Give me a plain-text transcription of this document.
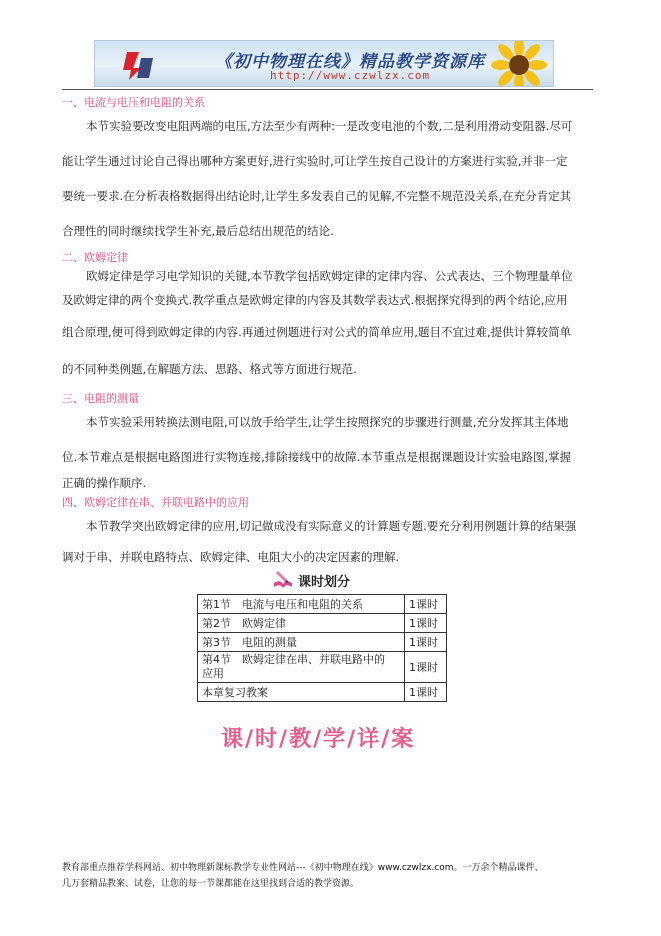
《初中物理在线》精品教学资源库
http://www.czwlzx.com
一、电流与电压和电阻的关系
本节实验要改变电阻两端的电压,方法至少有两种:一是改变电池的个数,二是利用滑动变阻器.尽可
能让学生通过讨论自己得出哪种方案更好,进行实验时,可让学生按自己设计的方案进行实验,并非一定
要统一要求.在分析表格数据得出结论时,让学生多发表自己的见解,不完整不规范没关系,在充分肯定其
合理性的同时继续找学生补充,最后总结出规范的结论.
二、欧姆定律
欧姆定律是学习电学知识的关键,本节教学包括欧姆定律的定律内容、公式表达、三个物理量单位
及欧姆定律的两个变换式.教学重点是欧姆定律的内容及其数学表达式.根据探究得到的两个结论,应用
组合原理,便可得到欧姆定律的内容.再通过例题进行对公式的简单应用,题目不宜过难,提供计算较简单
的不同种类例题,在解题方法、思路、格式等方面进行规范.
三、电阻的测量
本节实验采用转换法测电阻,可以放手给学生,让学生按照探究的步骤进行测量,充分发挥其主体地
位.本节难点是根据电路图进行实物连接,排除接线中的故障.本节重点是根据课题设计实验电路图,掌握
正确的操作顺序.
四、欧姆定律在串、并联电路中的应用
本节教学突出欧姆定律的应用,切记做成没有实际意义的计算题专题.要充分利用例题计算的结果强
调对于串、并联电路特点、欧姆定律、电阻大小的决定因素的理解.
课时划分
第1节　电流与电压和电阻的关系	1课时
第2节　欧姆定律	1课时
第3节　电阻的测量	1课时

第4节　欧姆定律在串、并联电路中的
应用	1课时
本章复习教案	1课时
课/时/教/学/详/案
教育部重点推荐学科网站、初中物理新课标教学专业性网站---《初中物理在线》www.czwlzx.com。一万余个精品课件、
几万套精品教案、试卷，让您的每一节课都能在这里找到合适的教学资源。
